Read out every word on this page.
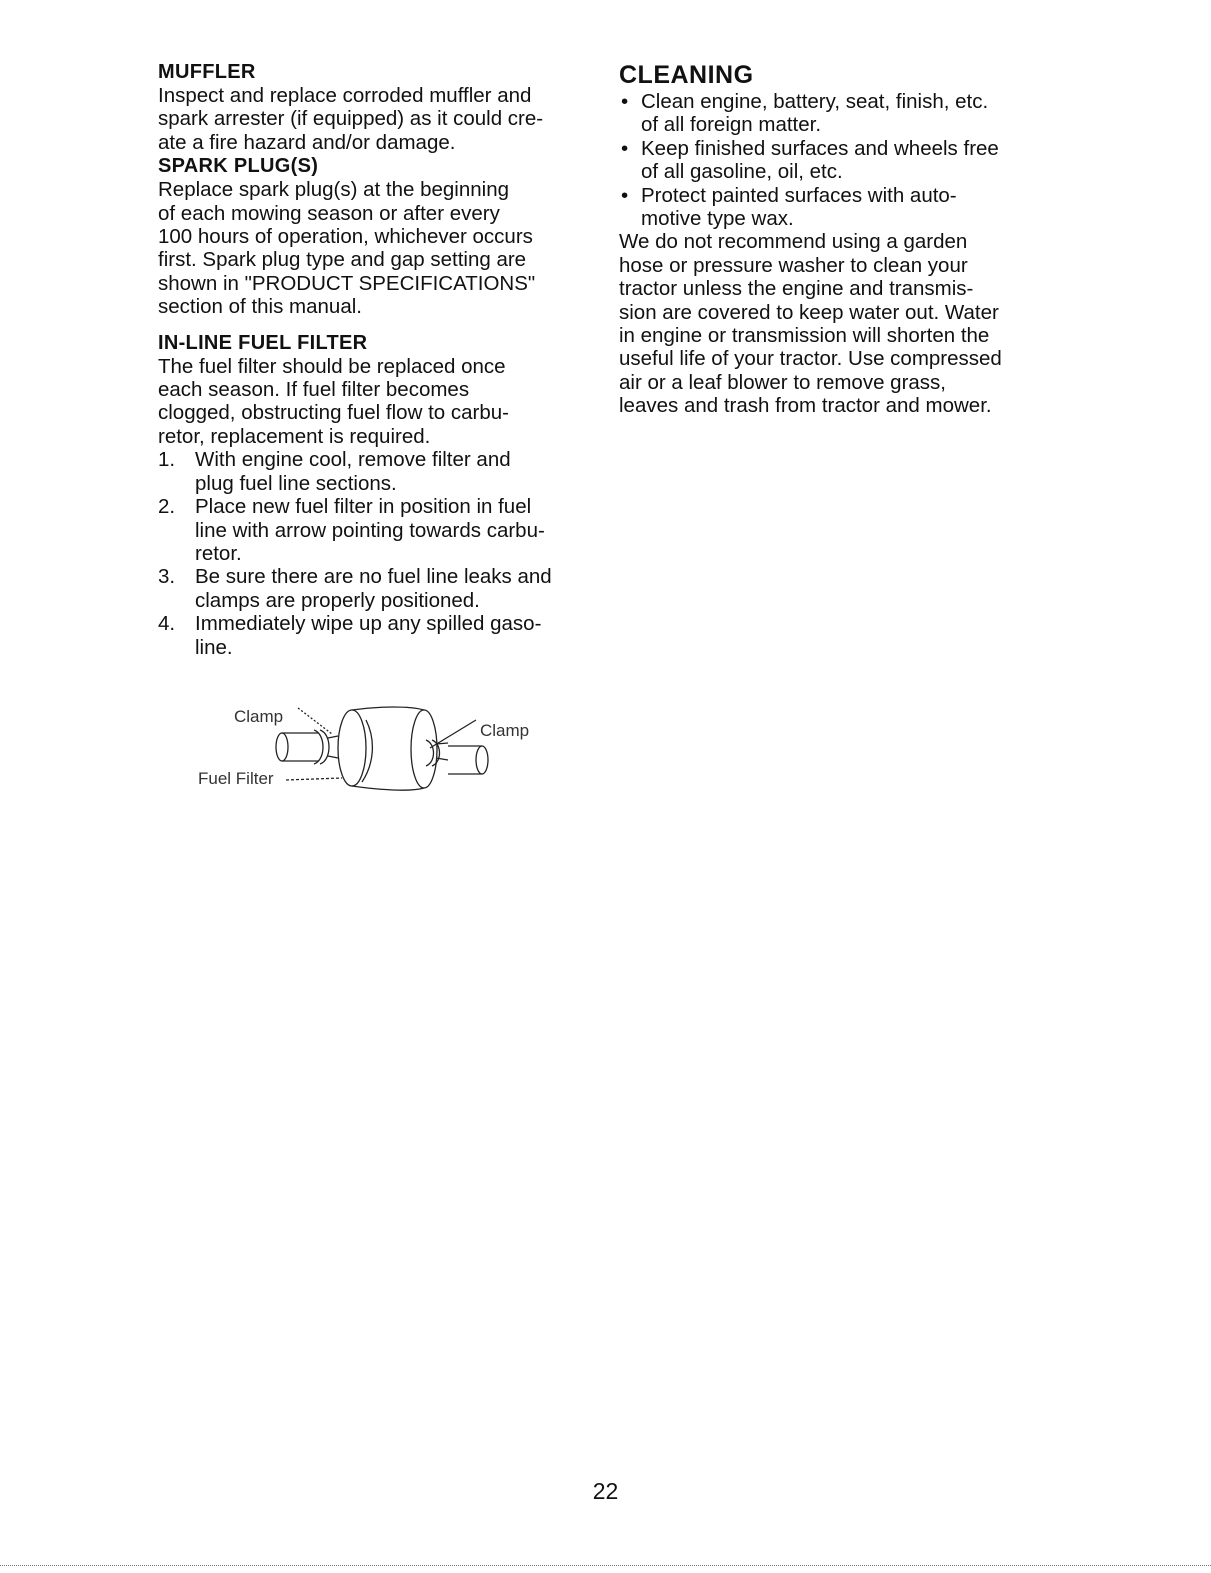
MUFFLER

Inspect and replace corroded muffler and
spark arrester (if equipped) as it could cre-
ate a fire hazard and/or damage.

SPARK PLUG(S)

Replace spark plug(s) at the beginning
of each mowing season or after every
100 hours of operation, whichever occurs
first. Spark plug type and gap setting are
shown in "PRODUCT SPECIFICATIONS"
section of this manual.

IN-LINE FUEL FILTER

The fuel filter should be replaced once
each season. If fuel filter becomes
clogged, obstructing fuel flow to carbu-
retor, replacement is required.

1. With engine cool, remove filter and
plug fuel line sections.
2. Place new fuel filter in position in fuel
line with arrow pointing towards carbu-
retor.
3. Be sure there are no fuel line leaks and
clamps are properly positioned.
4. Immediately wipe up any spilled gaso-
line.
Clamp
Clamp
Fuel Filter
CLEANING
• Clean engine, battery, seat, finish, etc.
of all foreign matter.
• Keep finished surfaces and wheels free
of all gasoline, oil, etc.
• Protect painted surfaces with auto-
motive type wax.

We do not recommend using a garden
hose or pressure washer to clean your
tractor unless the engine and transmis-
sion are covered to keep water out. Water
in engine or transmission will shorten the
useful life of your tractor. Use compressed
air or a leaf blower to remove grass,
leaves and trash from tractor and mower.

22
